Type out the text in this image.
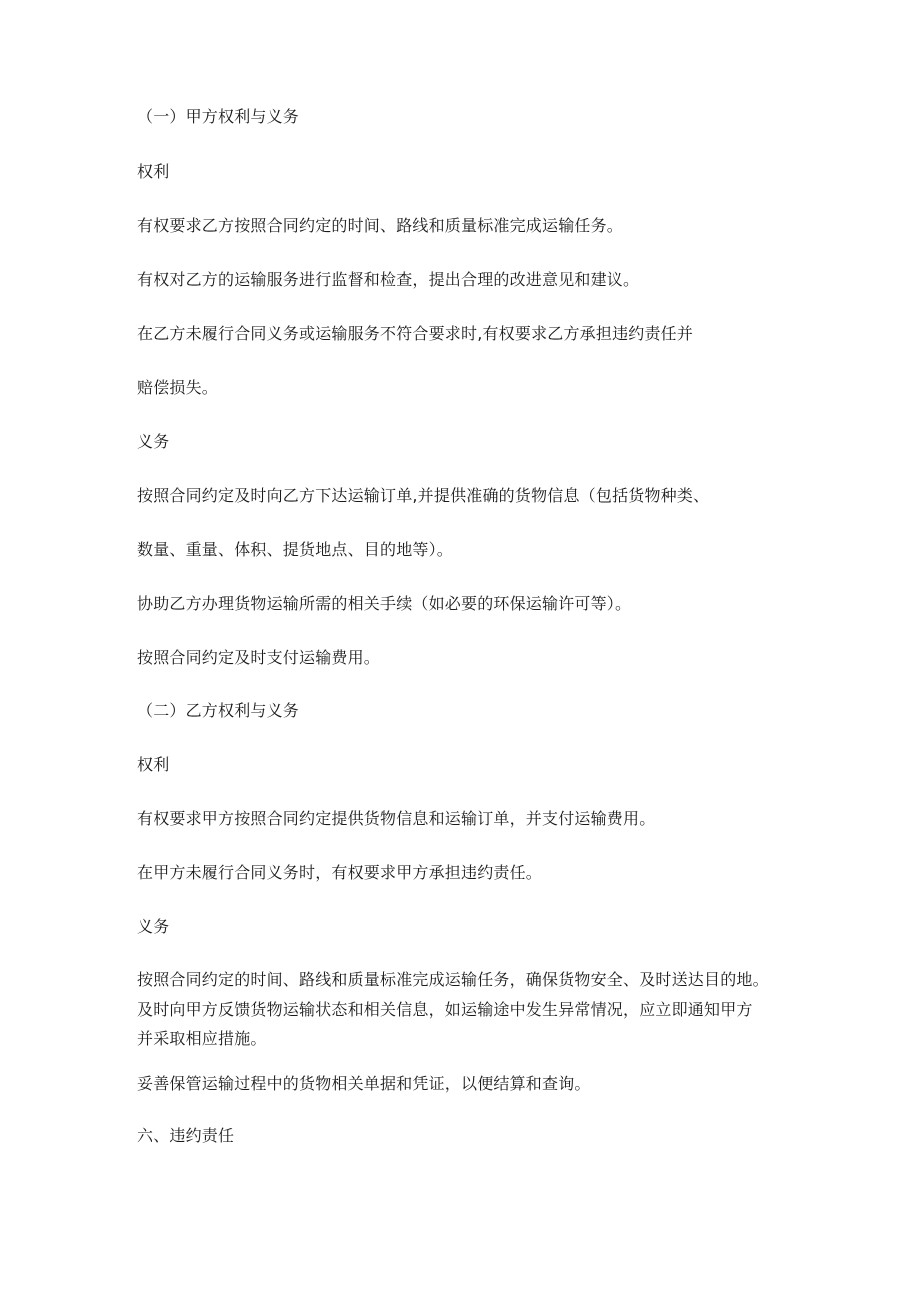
（一）甲方权利与义务
权利
有权要求乙方按照合同约定的时间、路线和质量标准完成运输任务。
有权对乙方的运输服务进行监督和检查，提出合理的改进意见和建议。
在乙方未履行合同义务或运输服务不符合要求时,有权要求乙方承担违约责任并
赔偿损失。
义务
按照合同约定及时向乙方下达运输订单,并提供准确的货物信息（包括货物种类、
数量、重量、体积、提货地点、目的地等）。
协助乙方办理货物运输所需的相关手续（如必要的环保运输许可等）。
按照合同约定及时支付运输费用。
（二）乙方权利与义务
权利
有权要求甲方按照合同约定提供货物信息和运输订单，并支付运输费用。
在甲方未履行合同义务时，有权要求甲方承担违约责任。
义务
按照合同约定的时间、路线和质量标准完成运输任务，确保货物安全、及时送达目的地。
及时向甲方反馈货物运输状态和相关信息，如运输途中发生异常情况，应立即通知甲方
并采取相应措施。
妥善保管运输过程中的货物相关单据和凭证，以便结算和查询。
六、违约责任
